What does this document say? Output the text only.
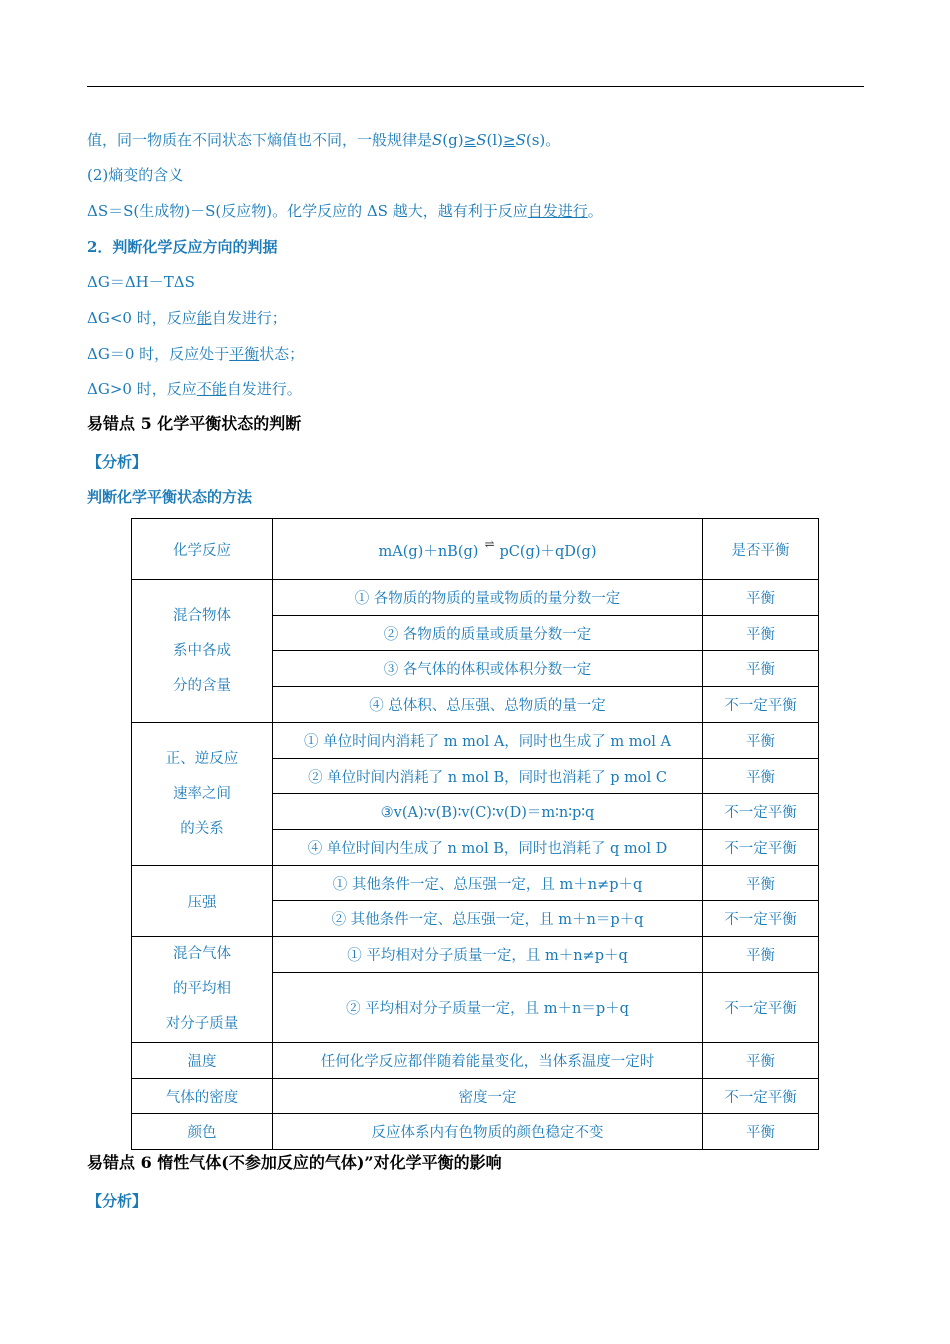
值，同一物质在不同状态下熵值也不同，一般规律是S(g)≥S(l)≥S(s)。
(2)熵变的含义
ΔS＝S(生成物)－S(反应物)。化学反应的 ΔS 越大，越有利于反应自发进行。
2．判断化学反应方向的判据
ΔG＝ΔH－TΔS
ΔG<0 时，反应能自发进行；
ΔG＝0 时，反应处于平衡状态；
ΔG>0 时，反应不能自发进行。
易错点 5 化学平衡状态的判断
【分析】
判断化学平衡状态的方法
化学反应	mA(g)＋nB(g) ⇌ pC(g)＋qD(g)	是否平衡

混合物体
系中各成
分的含量	① 各物质的物质的量或物质的量分数一定	平衡
	② 各物质的质量或质量分数一定	平衡
	③ 各气体的体积或体积分数一定	平衡
	④ 总体积、总压强、总物质的量一定	不一定平衡

正、逆反应
速率之间
的关系	① 单位时间内消耗了 m mol A，同时也生成了 m mol A	平衡
	② 单位时间内消耗了 n mol B，同时也消耗了 p mol C	平衡
	③v(A)∶v(B)∶v(C)∶v(D)＝m∶n∶p∶q	不一定平衡
	④ 单位时间内生成了 n mol B，同时也消耗了 q mol D	不一定平衡
压强	① 其他条件一定、总压强一定，且 m＋n≠p＋q	平衡
	② 其他条件一定、总压强一定，且 m＋n＝p＋q	不一定平衡

混合气体
的平均相
对分子质量	① 平均相对分子质量一定，且 m＋n≠p＋q	平衡
	② 平均相对分子质量一定，且 m＋n＝p＋q	不一定平衡
温度	任何化学反应都伴随着能量变化，当体系温度一定时	平衡
气体的密度	密度一定	不一定平衡
颜色	反应体系内有色物质的颜色稳定不变	平衡
易错点 6 惰性气体(不参加反应的气体)”对化学平衡的影响
【分析】
